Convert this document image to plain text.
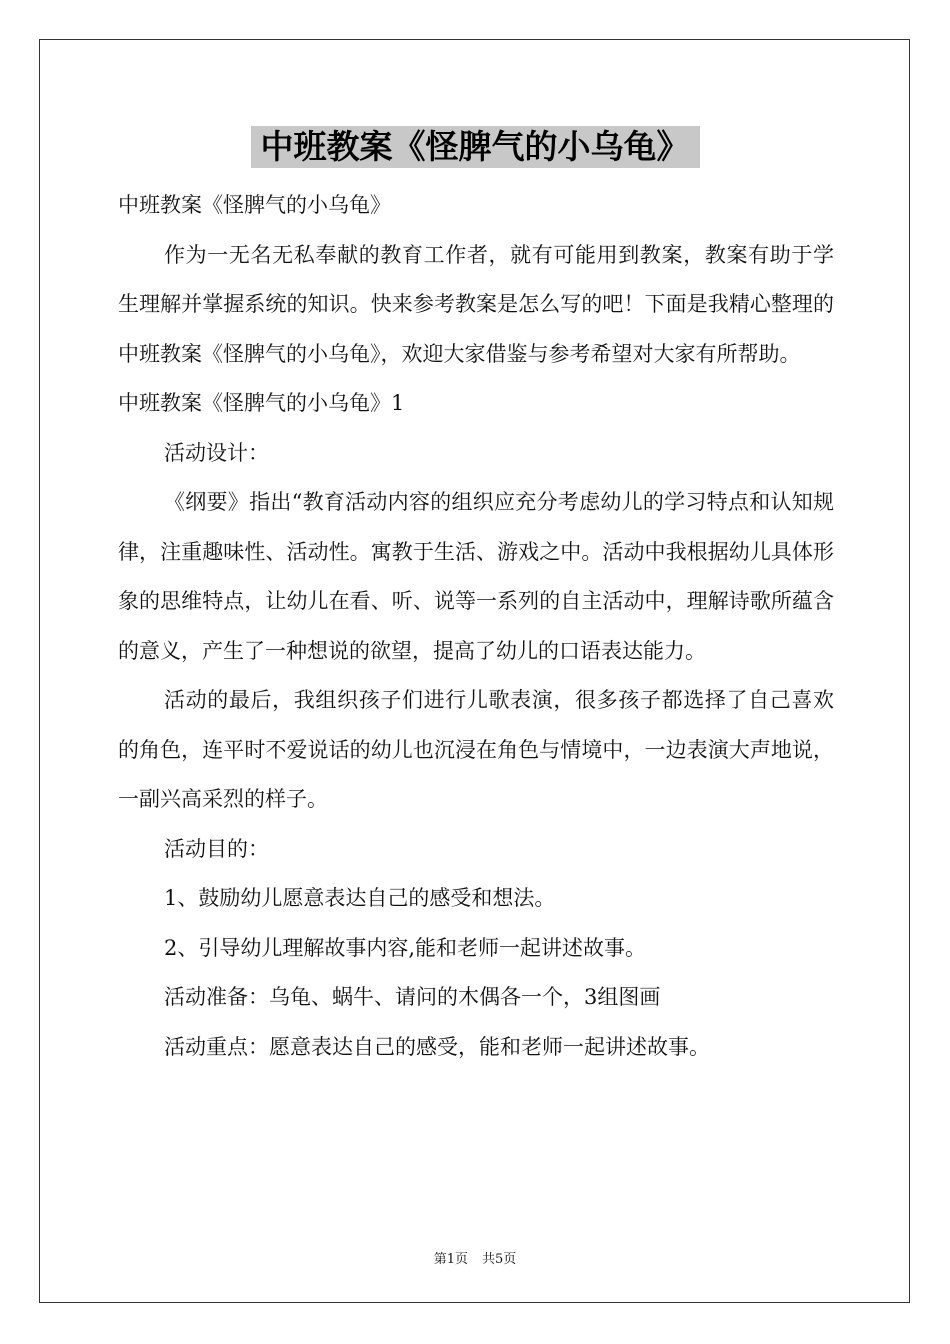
中班教案《怪脾气的小乌龟》

中班教案《怪脾气的小乌龟》

作为一无名无私奉献的教育工作者，就有可能用到教案，教案有助于学生理解并掌握系统的知识。快来参考教案是怎么写的吧！下面是我精心整理的中班教案《怪脾气的小乌龟》，欢迎大家借鉴与参考希望对大家有所帮助。

中班教案《怪脾气的小乌龟》1

活动设计：

《纲要》指出“教育活动内容的组织应充分考虑幼儿的学习特点和认知规律，注重趣味性、活动性。寓教于生活、游戏之中。活动中我根据幼儿具体形象的思维特点，让幼儿在看、听、说等一系列的自主活动中，理解诗歌所蕴含的意义，产生了一种想说的欲望，提高了幼儿的口语表达能力。

活动的最后，我组织孩子们进行儿歌表演，很多孩子都选择了自己喜欢的角色，连平时不爱说话的幼儿也沉浸在角色与情境中，一边表演大声地说，一副兴高采烈的样子。

活动目的：

1、鼓励幼儿愿意表达自己的感受和想法。

2、引导幼儿理解故事内容,能和老师一起讲述故事。

活动准备：乌龟、蜗牛、请问的木偶各一个，3组图画

活动重点：愿意表达自己的感受，能和老师一起讲述故事。

第1页 共5页
